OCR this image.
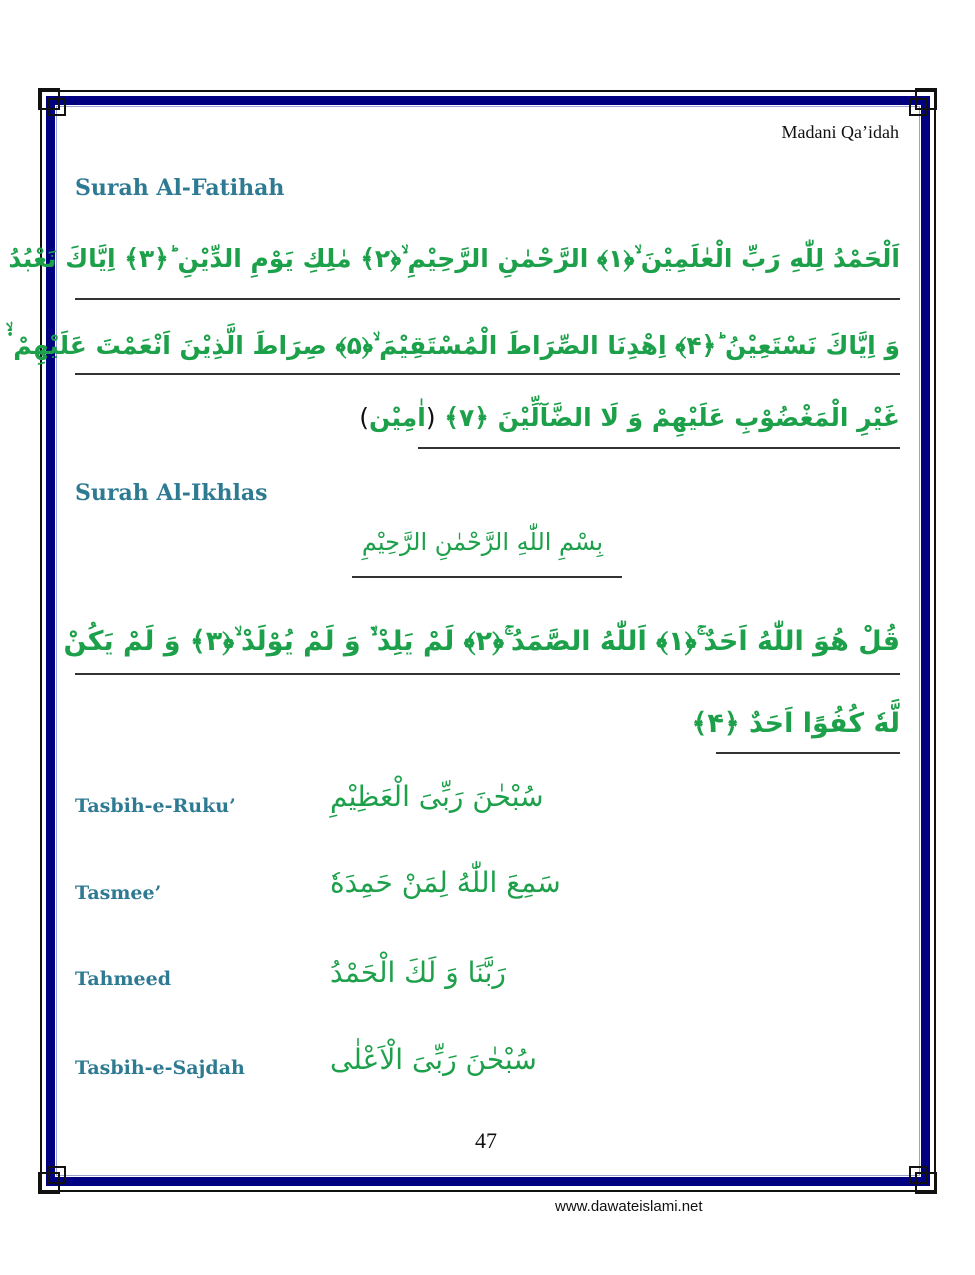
Madani Qa’idah
Surah Al-Fatihah
اَلْحَمْدُ لِلّٰهِ رَبِّ الْعٰلَمِیْنَ ۙ﴿۱﴾ الرَّحْمٰنِ الرَّحِیْمِ ۙ﴿۲﴾ مٰلِكِ یَوْمِ الدِّیْنِ ؕ﴿۳﴾ اِیَّاكَ نَعْبُدُ
وَ اِیَّاكَ نَسْتَعِیْنُ ؕ﴿۴﴾ اِهْدِنَا الصِّرَاطَ الْمُسْتَقِیْمَ ۙ﴿۵﴾ صِرَاطَ الَّذِیْنَ اَنْعَمْتَ عَلَیْهِمْ ۬ۙ
غَیْرِ الْمَغْضُوْبِ عَلَیْهِمْ وَ لَا الضَّآلِّیْنَ ﴿۷﴾ (اٰمِیْن)
Surah Al-Ikhlas
بِسْمِ اللّٰهِ الرَّحْمٰنِ الرَّحِیْمِ
قُلْ هُوَ اللّٰهُ اَحَدٌ ۚ﴿۱﴾ اَللّٰهُ الصَّمَدُ ۚ﴿۲﴾ لَمْ یَلِدْ ۙ۬ وَ لَمْ یُوْلَدْ ۙ﴿۳﴾ وَ لَمْ یَكُنْ
لَّهٗ كُفُوًا اَحَدٌ ﴿۴﴾
Tasbih-e-Ruku’	سُبْحٰنَ رَبِّیَ الْعَظِیْمِ
Tasmee’	سَمِعَ اللّٰهُ لِمَنْ حَمِدَهٗ
Tahmeed	رَبَّنَا وَ لَكَ الْحَمْدُ
Tasbih-e-Sajdah	سُبْحٰنَ رَبِّیَ الْاَعْلٰی
47
www.dawateislami.net
